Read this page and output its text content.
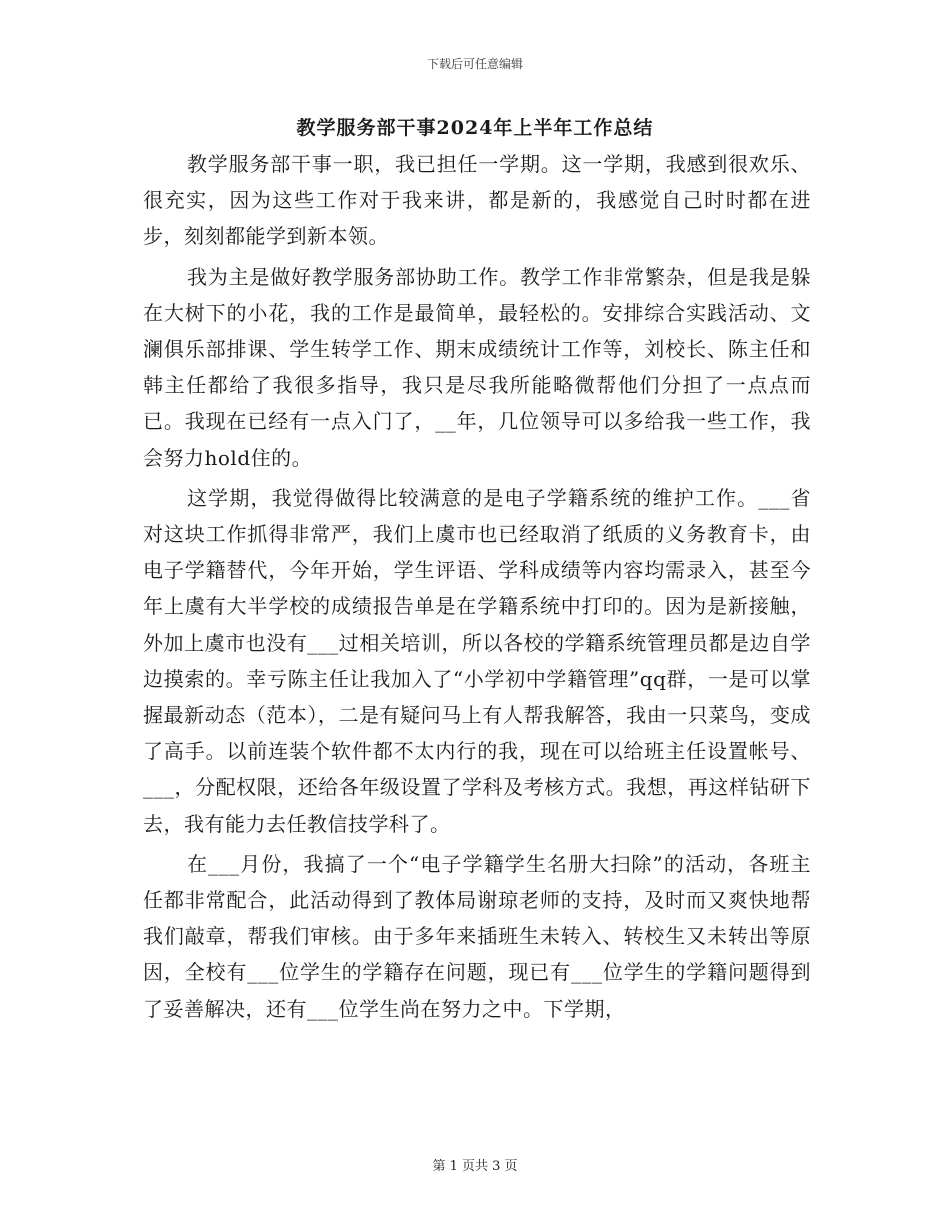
下载后可任意编辑
教学服务部干事2024年上半年工作总结

教学服务部干事一职，我已担任一学期。这一学期，我感到很欢乐、很充实，因为这些工作对于我来讲，都是新的，我感觉自己时时都在进步，刻刻都能学到新本领。

我为主是做好教学服务部协助工作。教学工作非常繁杂，但是我是躲在大树下的小花，我的工作是最简单，最轻松的。安排综合实践活动、文澜俱乐部排课、学生转学工作、期末成绩统计工作等，刘校长、陈主任和韩主任都给了我很多指导，我只是尽我所能略微帮他们分担了一点点而已。我现在已经有一点入门了，__年，几位领导可以多给我一些工作，我会努力hold住的。

这学期，我觉得做得比较满意的是电子学籍系统的维护工作。___省对这块工作抓得非常严，我们上虞市也已经取消了纸质的义务教育卡，由电子学籍替代，今年开始，学生评语、学科成绩等内容均需录入，甚至今年上虞有大半学校的成绩报告单是在学籍系统中打印的。因为是新接触，外加上虞市也没有___过相关培训，所以各校的学籍系统管理员都是边自学边摸索的。幸亏陈主任让我加入了“小学初中学籍管理”qq群，一是可以掌握最新动态（范本），二是有疑问马上有人帮我解答，我由一只菜鸟，变成了高手。以前连装个软件都不太内行的我，现在可以给班主任设置帐号、___，分配权限，还给各年级设置了学科及考核方式。我想，再这样钻研下去，我有能力去任教信技学科了。

在___月份，我搞了一个“电子学籍学生名册大扫除”的活动，各班主任都非常配合，此活动得到了教体局谢琼老师的支持，及时而又爽快地帮我们敲章，帮我们审核。由于多年来插班生未转入、转校生又未转出等原因，全校有___位学生的学籍存在问题，现已有___位学生的学籍问题得到了妥善解决，还有___位学生尚在努力之中。下学期，

第 1 页共 3 页
